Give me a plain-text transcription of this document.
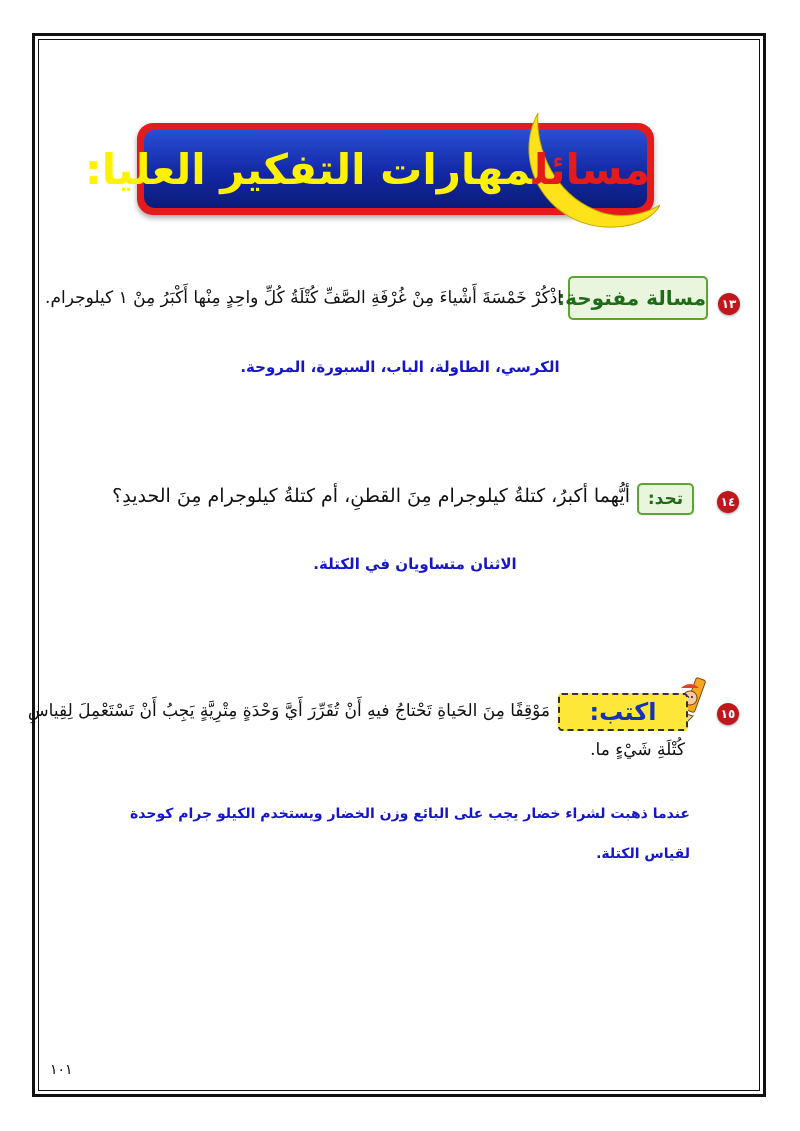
مسائلمهارات التفكير العليا:
١٣
مسالة مفتوحة:
اذْكُرْ خَمْسَةَ أَشْياءَ مِنْ غُرْفَةِ الصَّفِّ كُتْلَةُ كُلِّ واحِدٍ مِنْها أَكْبَرُ مِنْ ١ كيلوجرام.
الكرسي، الطاولة، الباب، السبورة، المروحة.
١٤
تحد:
أيُّهما أكبرُ، كتلةُ كيلوجرام مِنَ القطنِ، أم كتلةُ كيلوجرام مِنَ الحديدِ؟
الاثنان متساويان في الكتلة.
١٥
اكتب:
مَوْقِفًا مِنَ الحَياةِ تَحْتاجُ فيهِ أَنْ تُقَرِّرَ أَيَّ وَحْدَةٍ مِتْرِيَّةٍ يَجِبُ أَنْ تَسْتَعْمِلَ لِقِياسِ
كُتْلَةِ شَيْءٍ ما.
عندما ذهبت لشراء خضار يجب على البائع وزن الخضار ويستخدم الكيلو جرام كوحدة
لقياس الكتلة.
١٠١
